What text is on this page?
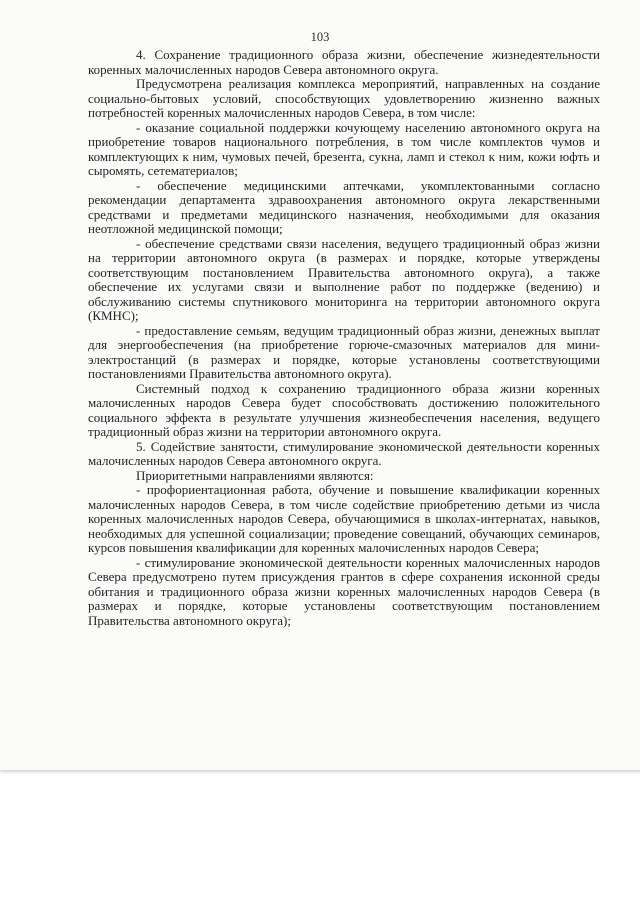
103

4. Сохранение традиционного образа жизни, обеспечение жизнедеятельности коренных малочисленных народов Севера автономного округа.

Предусмотрена реализация комплекса мероприятий, направленных на создание социально-бытовых условий, способствующих удовлетворению жизненно важных потребностей коренных малочисленных народов Севера, в том числе:

- оказание социальной поддержки кочующему населению автономного округа на приобретение товаров национального потребления, в том числе комплектов чумов и комплектующих к ним, чумовых печей, брезента, сукна, ламп и стекол к ним, кожи юфть и сыромять, сетематериалов;

- обеспечение медицинскими аптечками, укомплектованными согласно рекомендации департамента здравоохранения автономного округа лекарственными средствами и предметами медицинского назначения, необходимыми для оказания неотложной медицинской помощи;

- обеспечение средствами связи населения, ведущего традиционный образ жизни на территории автономного округа (в размерах и порядке, которые утверждены соответствующим постановлением Правительства автономного округа), а также обеспечение их услугами связи и выполнение работ по поддержке (ведению) и обслуживанию системы спутникового мониторинга на территории автономного округа (КМНС);

- предоставление семьям, ведущим традиционный образ жизни, денежных выплат для энергообеспечения (на приобретение горюче-смазочных материалов для мини-электростанций (в размерах и порядке, которые установлены соответствующими постановлениями Правительства автономного округа).

Системный подход к сохранению традиционного образа жизни коренных малочисленных народов Севера будет способствовать достижению положительного социального эффекта в результате улучшения жизнеобеспечения населения, ведущего традиционный образ жизни на территории автономного округа.

5. Содействие занятости, стимулирование экономической деятельности коренных малочисленных народов Севера автономного округа.

Приоритетными направлениями являются:

- профориентационная работа, обучение и повышение квалификации коренных малочисленных народов Севера, в том числе содействие приобретению детьми из числа коренных малочисленных народов Севера, обучающимися в школах-интернатах, навыков, необходимых для успешной социализации; проведение совещаний, обучающих семинаров, курсов повышения квалификации для коренных малочисленных народов Севера;

- стимулирование экономической деятельности коренных малочисленных народов Севера предусмотрено путем присуждения грантов в сфере сохранения исконной среды обитания и традиционного образа жизни коренных малочисленных народов Севера (в размерах и порядке, которые установлены соответствующим постановлением Правительства автономного округа);
